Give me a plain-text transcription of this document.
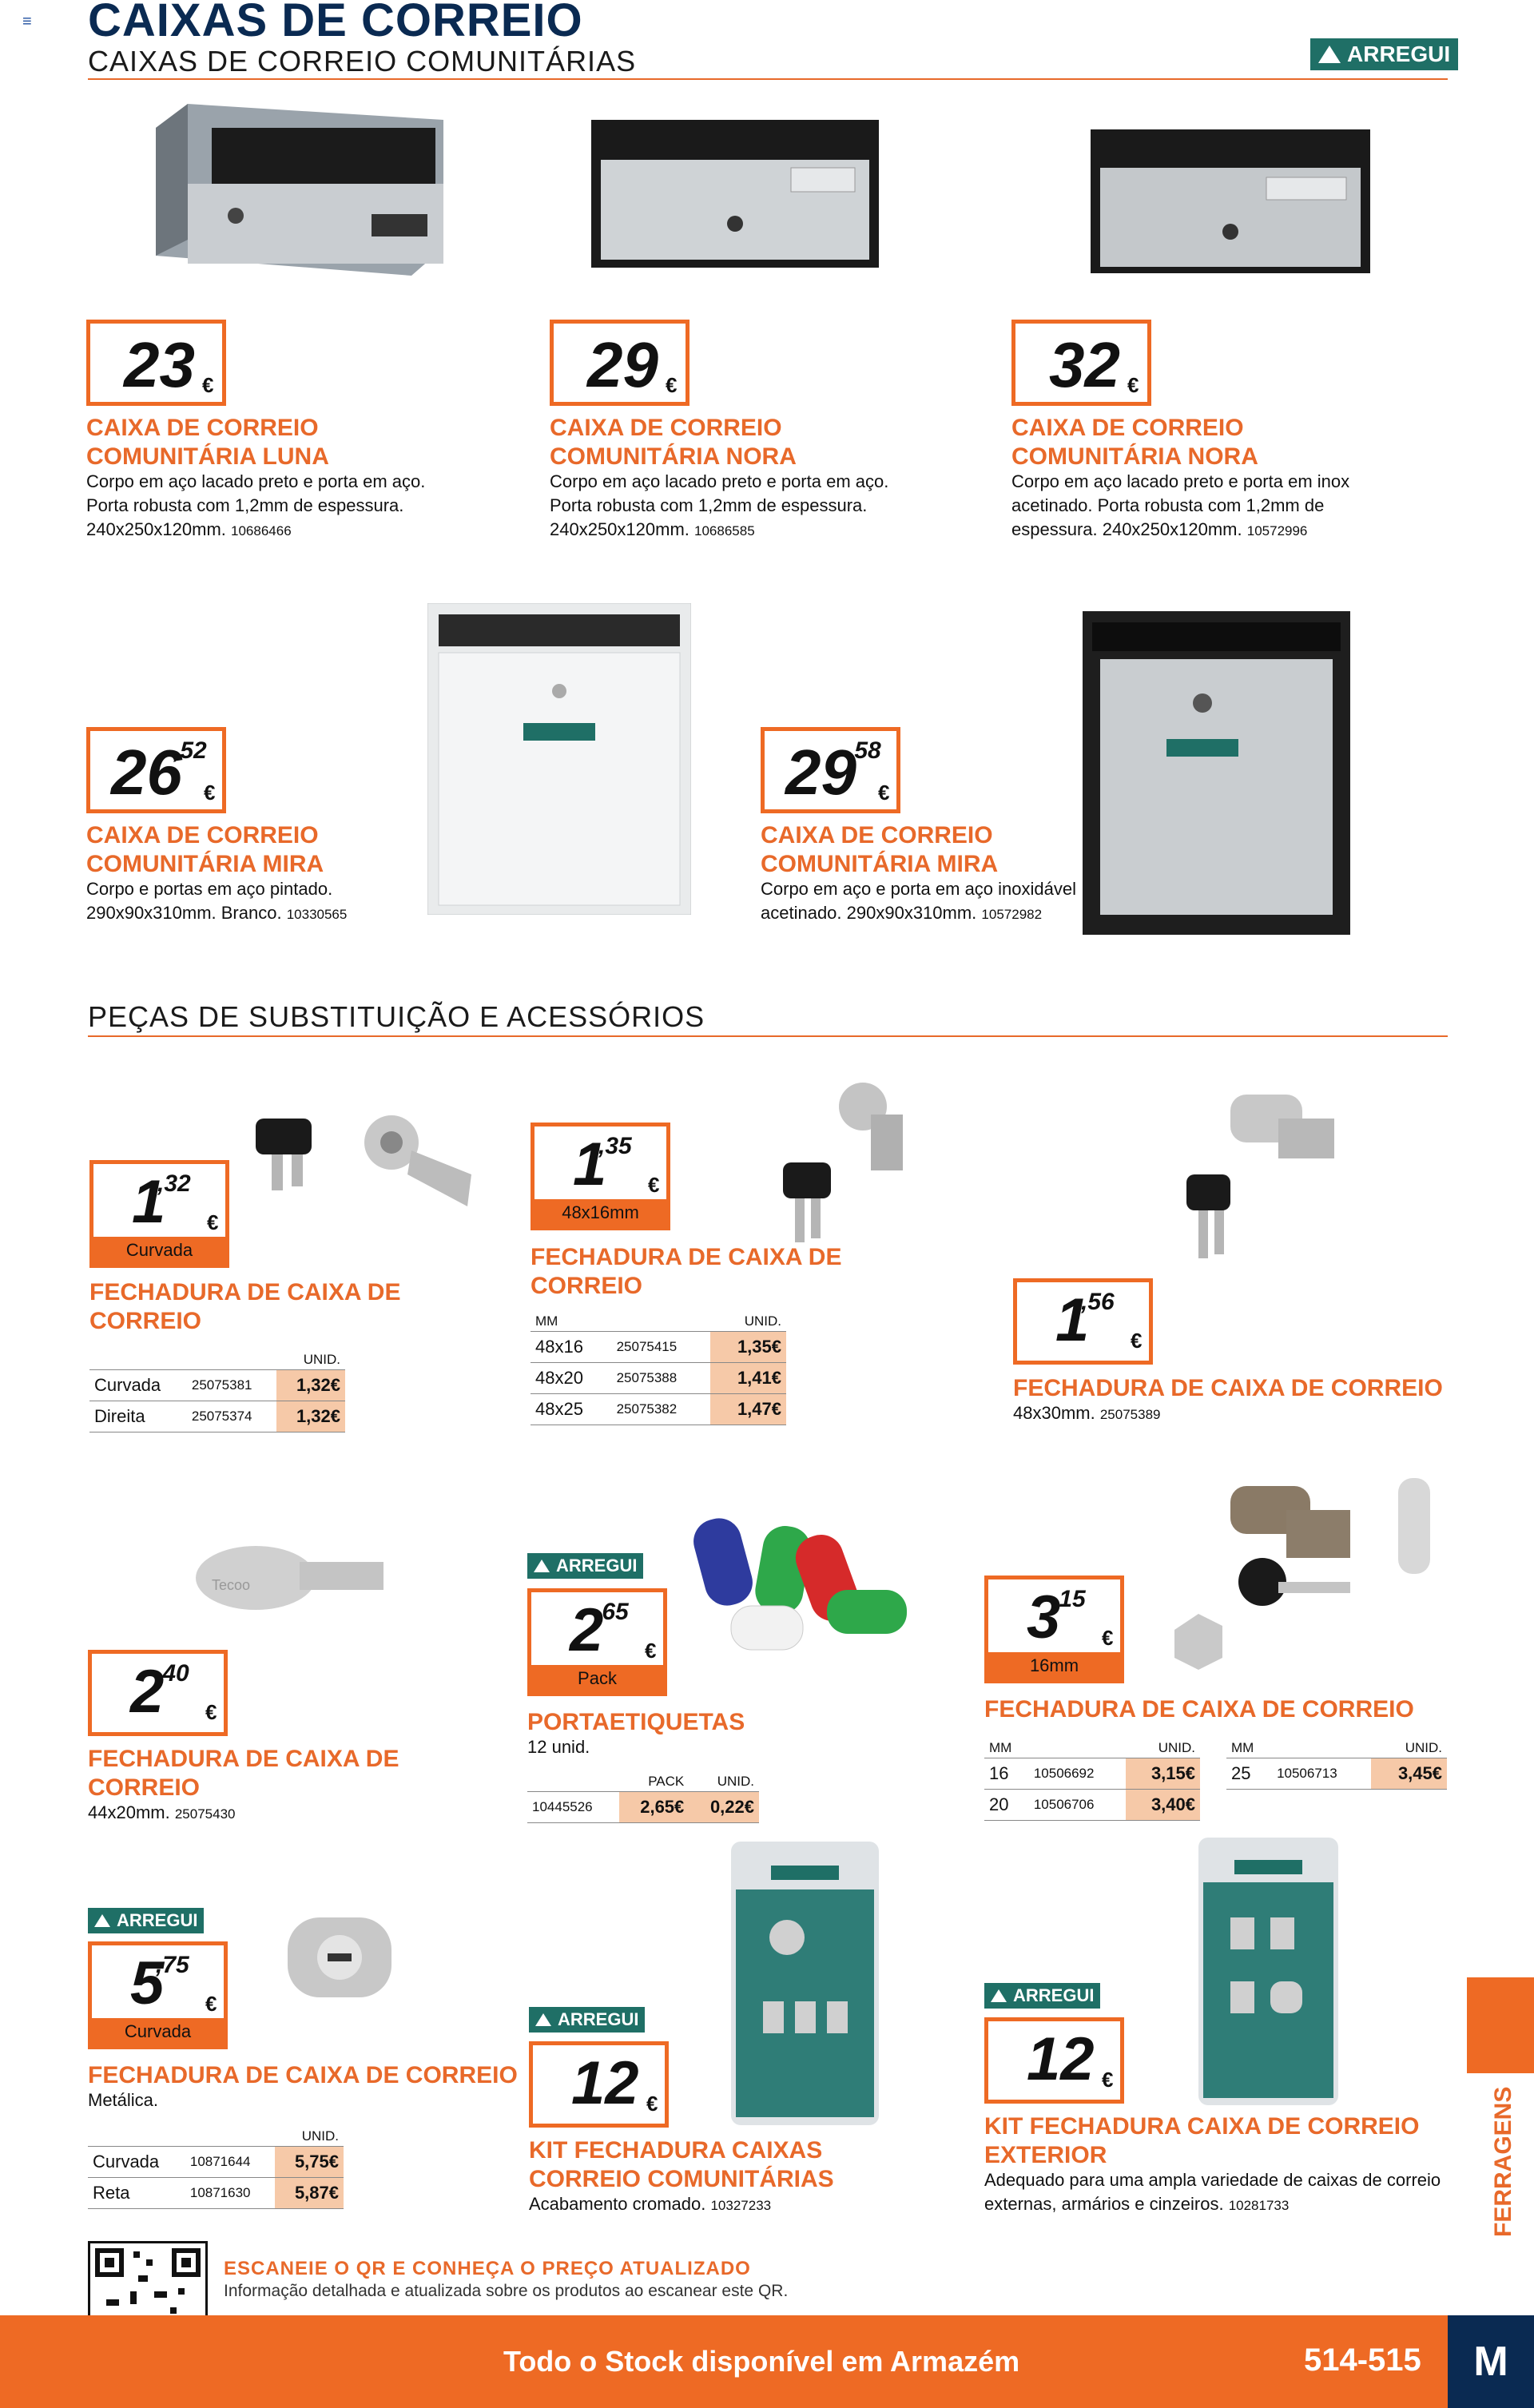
≡ CAIXAS DE CORREIO
CAIXAS DE CORREIO COMUNITÁRIAS	ARREGUI
23 €
CAIXA DE CORREIO
COMUNITÁRIA LUNA
Corpo em aço lacado preto e porta em aço.
Porta robusta com 1,2mm de espessura.
240x250x120mm. 10686466
29 €
CAIXA DE CORREIO
COMUNITÁRIA NORA
Corpo em aço lacado preto e porta em aço.
Porta robusta com 1,2mm de espessura.
240x250x120mm. 10686585
32 €
CAIXA DE CORREIO
COMUNITÁRIA NORA
Corpo em aço lacado preto e porta em inox
acetinado. Porta robusta com 1,2mm de
espessura. 240x250x120mm. 10572996
26
,52
€
CAIXA DE CORREIO
COMUNITÁRIA MIRA
Corpo e portas em aço pintado.
290x90x310mm. Branco. 10330565
29
,58
€
CAIXA DE CORREIO
COMUNITÁRIA MIRA
Corpo em aço e porta em aço inoxidável
acetinado. 290x90x310mm. 10572982
PEÇAS DE SUBSTITUIÇÃO E ACESSÓRIOS
1
,32
€
Curvada
FECHADURA DE CAIXA DE
CORREIO
		UNID.
Curvada	25075381	1,32€
Direita	25075374	1,32€
1
,35
€
48x16mm
FECHADURA DE CAIXA DE
CORREIO
MM		UNID.
48x16	25075415	1,35€
48x20	25075388	1,41€
48x25	25075382	1,47€
1
,56
€
FECHADURA DE CAIXA DE CORREIO
48x30mm. 25075389
Tecoo
2
,40
€
FECHADURA DE CAIXA DE
CORREIO
44x20mm. 25075430
ARREGUI
2
,65
€
Pack
PORTAETIQUETAS
12 unid.
	PACK	UNID.
10445526	2,65€	0,22€
3
,15
€
16mm
FECHADURA DE CAIXA DE CORREIO
MM		UNID.
16	10506692	3,15€
20	10506706	3,40€
MM		UNID.
25	10506713	3,45€
ARREGUI
5
,75
€
Curvada
FECHADURA DE CAIXA DE CORREIO
Metálica.
		UNID.
Curvada	10871644	5,75€
Reta	10871630	5,87€
ARREGUI
12 €
KIT FECHADURA CAIXAS
CORREIO COMUNITÁRIAS
Acabamento cromado. 10327233
ARREGUI
12 €
KIT FECHADURA CAIXA DE CORREIO
EXTERIOR
Adequado para uma ampla variedade de caixas de correio
externas, armários e cinzeiros. 10281733	FERRAGENS
ESCANEIE O QR E CONHEÇA O PREÇO ATUALIZADO
Informação detalhada e atualizada sobre os produtos ao escanear este QR.
Todo o Stock disponível em Armazém	514-515	M
